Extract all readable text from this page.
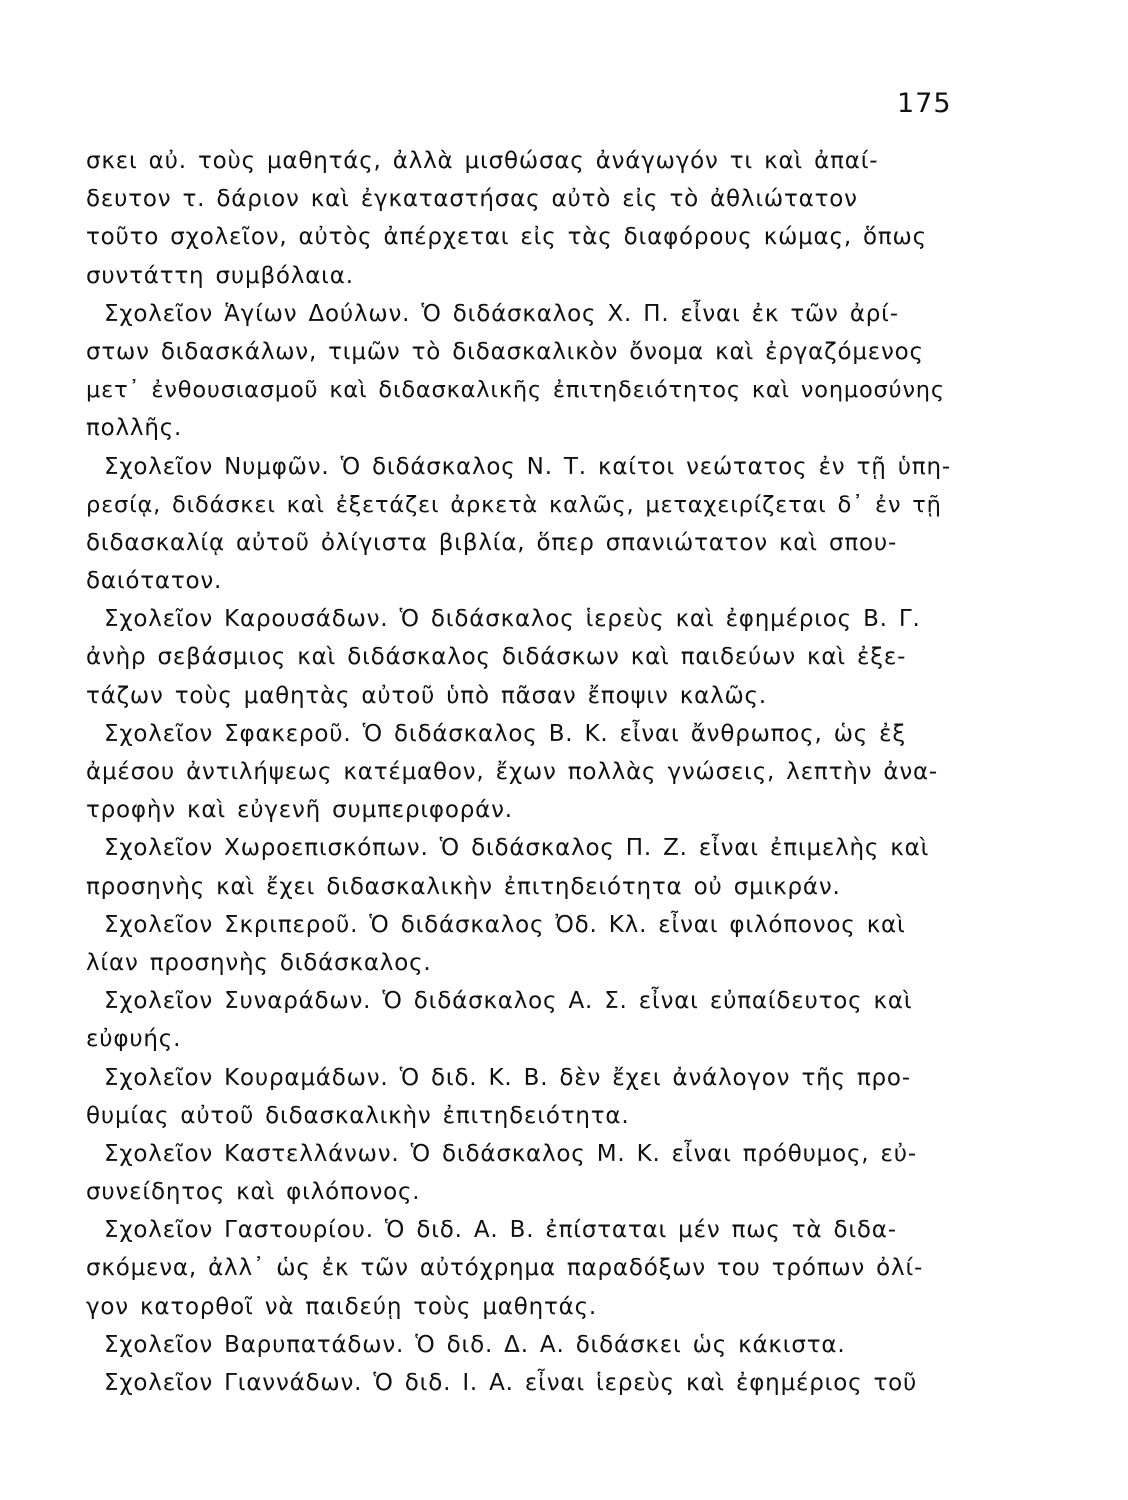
175
σκει αὐ. τοὺς μαθητάς, ἀλλὰ μισθώσας ἀνάγωγόν τι καὶ ἀπαί-
δευτον τ. δάριον καὶ ἐγκαταστήσας αὐτὸ εἰς τὸ ἀθλιώτατον
τοῦτο σχολεῖον, αὐτὸς ἀπέρχεται εἰς τὰς διαφόρους κώμας, ὅπως
συντάττη συμβόλαια.
Σχολεῖον Ἁγίων Δούλων. Ὁ διδάσκαλος Χ. Π. εἶναι ἐκ τῶν ἀρί-
στων διδασκάλων, τιμῶν τὸ διδασκαλικὸν ὄνομα καὶ ἐργαζόμενος
μετ᾽ ἐνθουσιασμοῦ καὶ διδασκαλικῆς ἐπιτηδειότητος καὶ νοημοσύνης
πολλῆς.
Σχολεῖον Νυμφῶν. Ὁ διδάσκαλος Ν. Τ. καίτοι νεώτατος ἐν τῇ ὑπη-
ρεσίᾳ, διδάσκει καὶ ἐξετάζει ἀρκετὰ καλῶς, μεταχειρίζεται δ᾽ ἐν τῇ
διδασκαλίᾳ αὐτοῦ ὀλίγιστα βιβλία, ὅπερ σπανιώτατον καὶ σπου-
δαιότατον.
Σχολεῖον Καρουσάδων. Ὁ διδάσκαλος ἱερεὺς καὶ ἐφημέριος Β. Γ.
ἀνὴρ σεβάσμιος καὶ διδάσκαλος διδάσκων καὶ παιδεύων καὶ ἐξε-
τάζων τοὺς μαθητὰς αὐτοῦ ὑπὸ πᾶσαν ἔποψιν καλῶς.
Σχολεῖον Σφακεροῦ. Ὁ διδάσκαλος Β. Κ. εἶναι ἄνθρωπος, ὡς ἐξ
ἀμέσου ἀντιλήψεως κατέμαθον, ἔχων πολλὰς γνώσεις, λεπτὴν ἀνα-
τροφὴν καὶ εὐγενῆ συμπεριφοράν.
Σχολεῖον Χωροεπισκόπων. Ὁ διδάσκαλος Π. Ζ. εἶναι ἐπιμελὴς καὶ
προσηνὴς καὶ ἔχει διδασκαλικὴν ἐπιτηδειότητα οὐ σμικράν.
Σχολεῖον Σκριπεροῦ. Ὁ διδάσκαλος Ὀδ. Κλ. εἶναι φιλόπονος καὶ
λίαν προσηνὴς διδάσκαλος.
Σχολεῖον Συναράδων. Ὁ διδάσκαλος Α. Σ. εἶναι εὐπαίδευτος καὶ
εὐφυής.
Σχολεῖον Κουραμάδων. Ὁ διδ. Κ. Β. δὲν ἔχει ἀνάλογον τῆς προ-
θυμίας αὐτοῦ διδασκαλικὴν ἐπιτηδειότητα.
Σχολεῖον Καστελλάνων. Ὁ διδάσκαλος Μ. Κ. εἶναι πρόθυμος, εὐ-
συνείδητος καὶ φιλόπονος.
Σχολεῖον Γαστουρίου. Ὁ διδ. Α. Β. ἐπίσταται μέν πως τὰ διδα-
σκόμενα, ἀλλ᾽ ὡς ἐκ τῶν αὐτόχρημα παραδόξων του τρόπων ὀλί-
γον κατορθοῖ νὰ παιδεύῃ τοὺς μαθητάς.
Σχολεῖον Βαρυπατάδων. Ὁ διδ. Δ. Α. διδάσκει ὡς κάκιστα.
Σχολεῖον Γιαννάδων. Ὁ διδ. Ι. Α. εἶναι ἱερεὺς καὶ ἐφημέριος τοῦ
